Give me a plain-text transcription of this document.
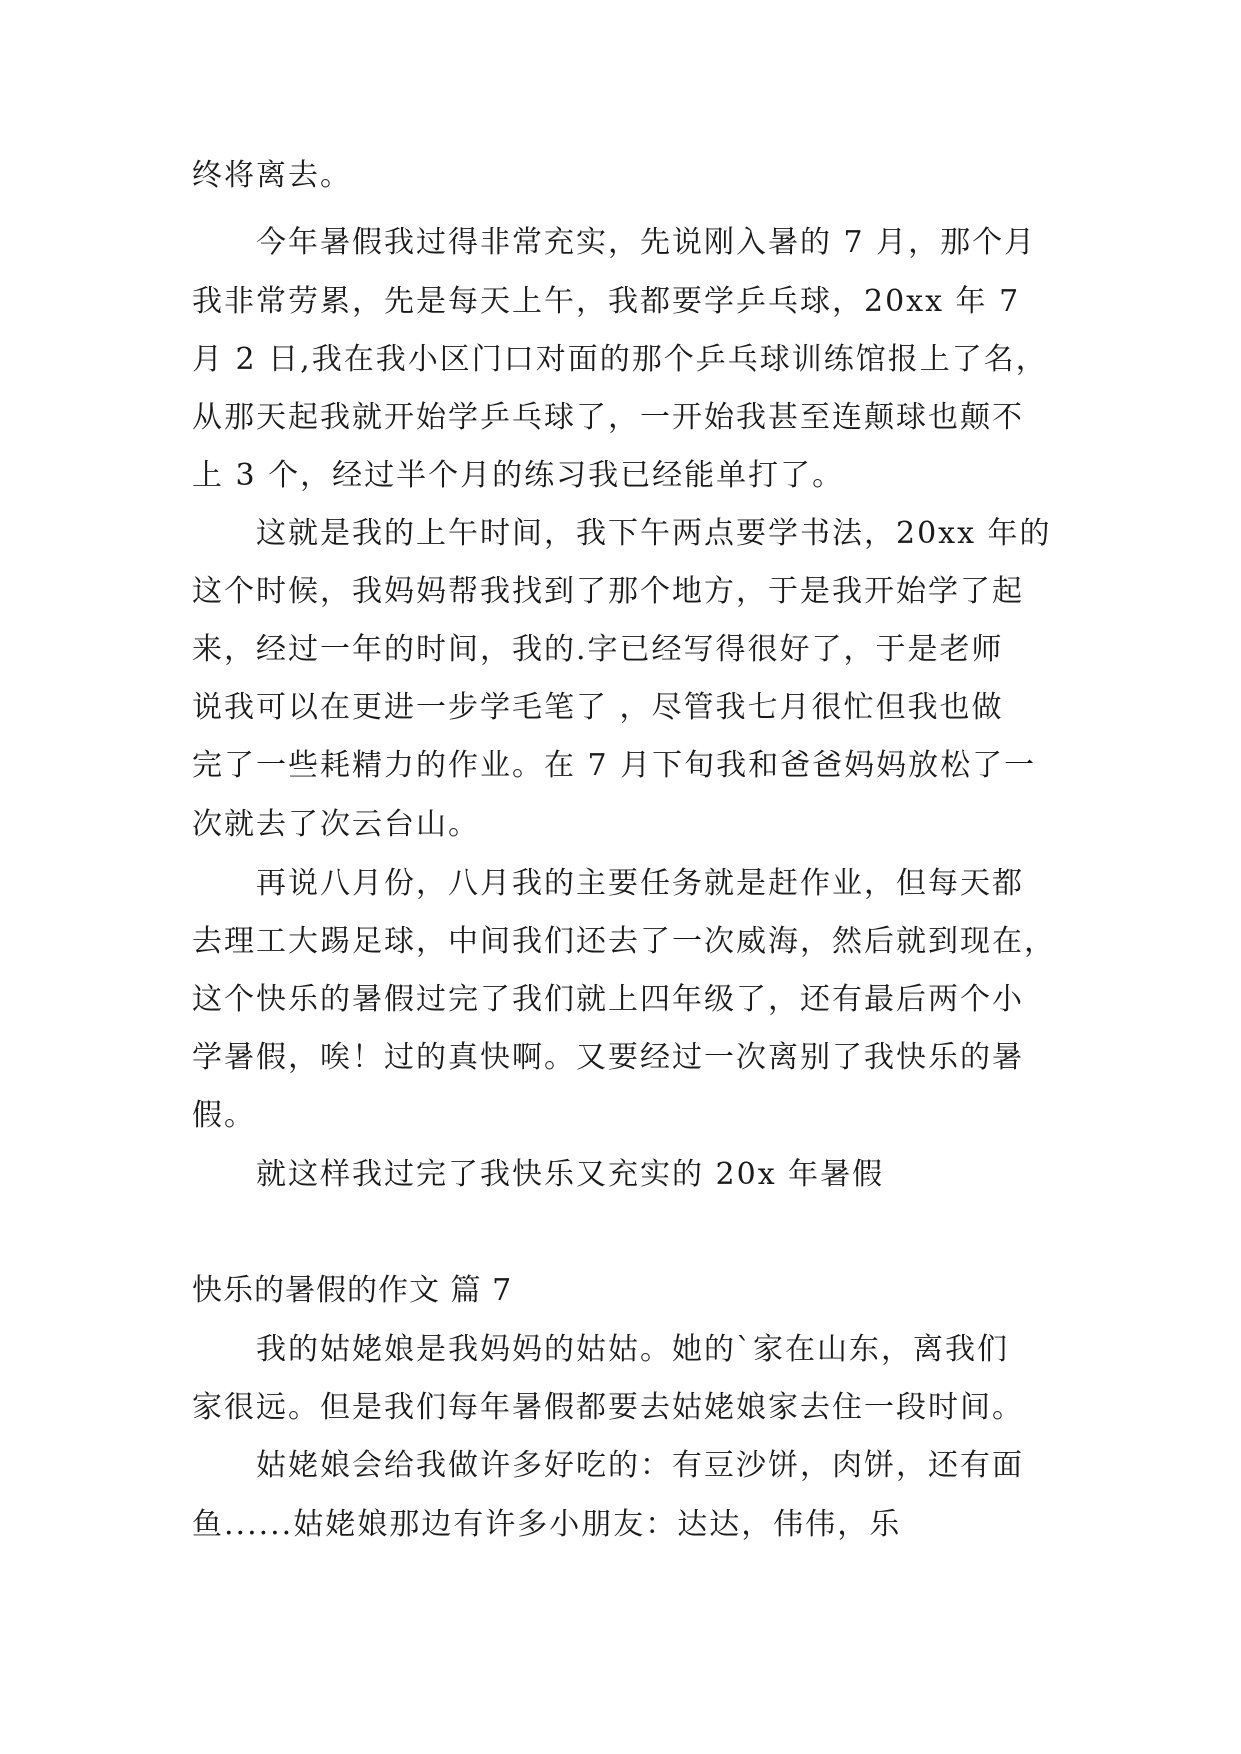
终将离去。
今年暑假我过得非常充实，先说刚入暑的 7 月，那个月
我非常劳累，先是每天上午，我都要学乒乓球，20xx 年 7
月 2 日,我在我小区门口对面的那个乒乓球训练馆报上了名，
从那天起我就开始学乒乓球了，一开始我甚至连颠球也颠不
上 3 个，经过半个月的练习我已经能单打了。
这就是我的上午时间，我下午两点要学书法，20xx 年的
这个时候，我妈妈帮我找到了那个地方，于是我开始学了起
来，经过一年的时间，我的.字已经写得很好了，于是老师
说我可以在更进一步学毛笔了 ，尽管我七月很忙但我也做
完了一些耗精力的作业。在 7 月下旬我和爸爸妈妈放松了一
次就去了次云台山。
再说八月份，八月我的主要任务就是赶作业，但每天都
去理工大踢足球，中间我们还去了一次威海，然后就到现在，
这个快乐的暑假过完了我们就上四年级了，还有最后两个小
学暑假，唉！过的真快啊。又要经过一次离别了我快乐的暑
假。
就这样我过完了我快乐又充实的 20x 年暑假
快乐的暑假的作文 篇 7
我的姑姥娘是我妈妈的姑姑。她的`家在山东，离我们
家很远。但是我们每年暑假都要去姑姥娘家去住一段时间。
姑姥娘会给我做许多好吃的：有豆沙饼，肉饼，还有面
鱼......姑姥娘那边有许多小朋友：达达，伟伟，乐
